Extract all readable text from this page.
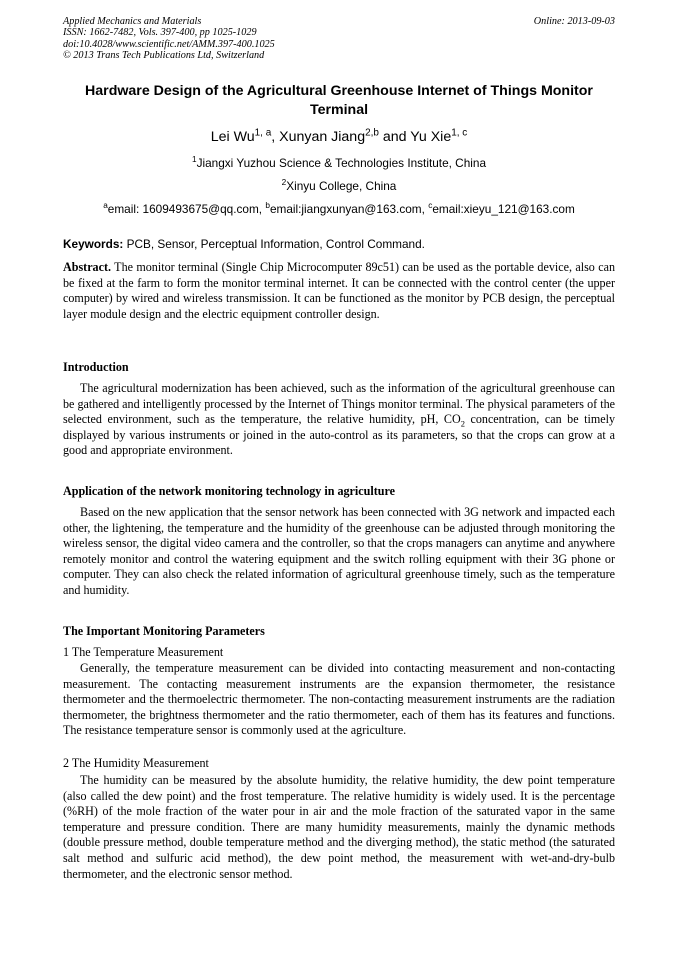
Applied Mechanics and Materials
ISSN: 1662-7482, Vols. 397-400, pp 1025-1029
doi:10.4028/www.scientific.net/AMM.397-400.1025
© 2013 Trans Tech Publications Ltd, Switzerland
Online: 2013-09-03
Hardware Design of the Agricultural Greenhouse Internet of Things Monitor Terminal
Lei Wu$^{1, a}$, Xunyan Jiang$^{2,b}$ and Yu Xie$^{1, c}$
$^1$Jiangxi Yuzhou Science & Technologies Institute, China
$^2$Xinyu College, China
$^a$email: 1609493675@qq.com, $^b$email:jiangxunyan@163.com, $^c$email:xieyu_121@163.com
Keywords: PCB, Sensor, Perceptual Information, Control Command.

Abstract. The monitor terminal (Single Chip Microcomputer 89c51) can be used as the portable device, also can be fixed at the farm to form the monitor terminal internet. It can be connected with the control center (the upper computer) by wired and wireless transmission. It can be functioned as the monitor by PCB design, the perceptual layer module design and the electric equipment controller design.

Introduction

The agricultural modernization has been achieved, such as the information of the agricultural greenhouse can be gathered and intelligently processed by the Internet of Things monitor terminal. The physical parameters of the selected environment, such as the temperature, the relative humidity, pH, $CO_2$ concentration, can be timely displayed by various instruments or joined in the auto-control as its parameters, so that the crops can grow at a good and appropriate environment.

Application of the network monitoring technology in agriculture

Based on the new application that the sensor network has been connected with 3G network and impacted each other, the lightening, the temperature and the humidity of the greenhouse can be adjusted through monitoring the wireless sensor, the digital video camera and the controller, so that the crops managers can anytime and anywhere remotely monitor and control the watering equipment and the switch rolling equipment with their 3G phone or computer. They can also check the related information of agricultural greenhouse timely, such as the temperature and humidity.

The Important Monitoring Parameters
1 The Temperature Measurement

Generally, the temperature measurement can be divided into contacting measurement and non-contacting measurement. The contacting measurement instruments are the expansion thermometer, the resistance thermometer and the thermoelectric thermometer. The non-contacting measurement instruments are the radiation thermometer, the brightness thermometer and the ratio thermometer, each of them has its features and functions. The resistance temperature sensor is commonly used at the agriculture.

2 The Humidity Measurement

The humidity can be measured by the absolute humidity, the relative humidity, the dew point temperature (also called the dew point) and the frost temperature. The relative humidity is widely used. It is the percentage (%RH) of the mole fraction of the water pour in air and the mole fraction of the saturated vapor in the same temperature and pressure condition. There are many humidity measurements, mainly the dynamic methods (double pressure method, double temperature method and the diverging method), the static method (the saturated salt method and sulfuric acid method), the dew point method, the measurement with wet-and-dry-bulb thermometer, and the electronic sensor method.
